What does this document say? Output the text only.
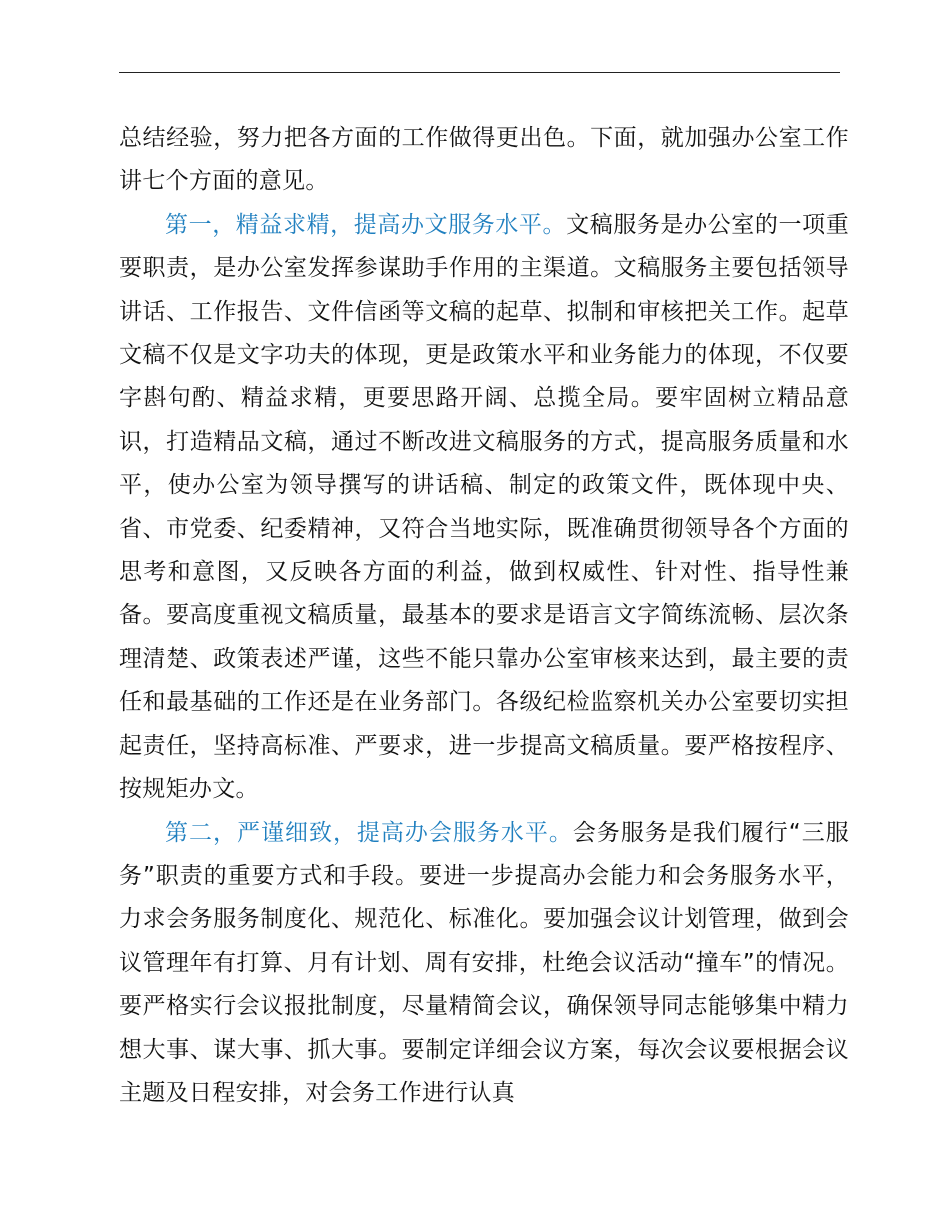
总结经验，努力把各方面的工作做得更出色。下面，就加强办公室工作讲七个方面的意见。

第一，精益求精，提高办文服务水平。文稿服务是办公室的一项重要职责，是办公室发挥参谋助手作用的主渠道。文稿服务主要包括领导讲话、工作报告、文件信函等文稿的起草、拟制和审核把关工作。起草文稿不仅是文字功夫的体现，更是政策水平和业务能力的体现，不仅要字斟句酌、精益求精，更要思路开阔、总揽全局。要牢固树立精品意识，打造精品文稿，通过不断改进文稿服务的方式，提高服务质量和水平，使办公室为领导撰写的讲话稿、制定的政策文件，既体现中央、省、市党委、纪委精神，又符合当地实际，既准确贯彻领导各个方面的思考和意图，又反映各方面的利益，做到权威性、针对性、指导性兼备。要高度重视文稿质量，最基本的要求是语言文字简练流畅、层次条理清楚、政策表述严谨，这些不能只靠办公室审核来达到，最主要的责任和最基础的工作还是在业务部门。各级纪检监察机关办公室要切实担起责任，坚持高标准、严要求，进一步提高文稿质量。要严格按程序、按规矩办文。

第二，严谨细致，提高办会服务水平。会务服务是我们履行“三服务”职责的重要方式和手段。要进一步提高办会能力和会务服务水平，力求会务服务制度化、规范化、标准化。要加强会议计划管理，做到会议管理年有打算、月有计划、周有安排，杜绝会议活动“撞车”的情况。要严格实行会议报批制度，尽量精简会议，确保领导同志能够集中精力想大事、谋大事、抓大事。要制定详细会议方案，每次会议要根据会议主题及日程安排，对会务工作进行认真
